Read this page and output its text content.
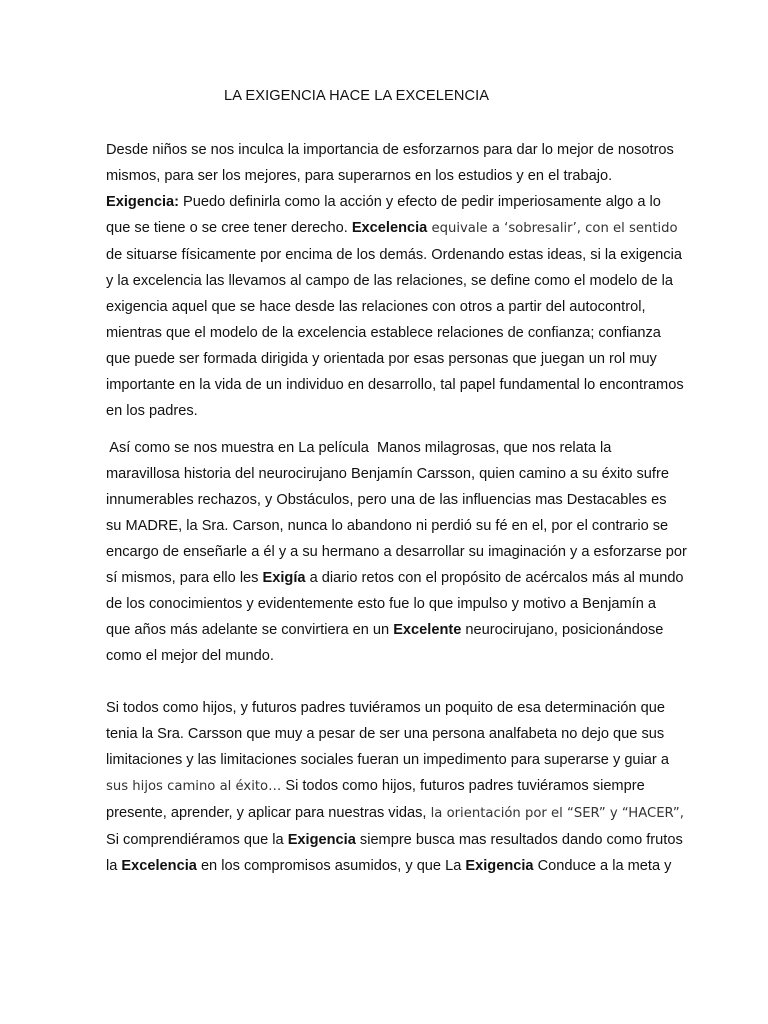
LA EXIGENCIA HACE LA EXCELENCIA

Desde niños se nos inculca la importancia de esforzarnos para dar lo mejor de nosotros
mismos, para ser los mejores, para superarnos en los estudios y en el trabajo.
Exigencia: Puedo definirla como la acción y efecto de pedir imperiosamente algo a lo
que se tiene o se cree tener derecho. Excelencia equivale a ‘sobresalir’, con el sentido
de situarse físicamente por encima de los demás. Ordenando estas ideas, si la exigencia
y la excelencia las llevamos al campo de las relaciones, se define como el modelo de la
exigencia aquel que se hace desde las relaciones con otros a partir del autocontrol,
mientras que el modelo de la excelencia establece relaciones de confianza; confianza
que puede ser formada dirigida y orientada por esas personas que juegan un rol muy
importante en la vida de un individuo en desarrollo, tal papel fundamental lo encontramos
en los padres.

Así como se nos muestra en La película  Manos milagrosas, que nos relata la
maravillosa historia del neurocirujano Benjamín Carsson, quien camino a su éxito sufre
innumerables rechazos, y Obstáculos, pero una de las influencias mas Destacables es
su MADRE, la Sra. Carson, nunca lo abandono ni perdió su fé en el, por el contrario se
encargo de enseñarle a él y a su hermano a desarrollar su imaginación y a esforzarse por
sí mismos, para ello les Exigía a diario retos con el propósito de acércalos más al mundo
de los conocimientos y evidentemente esto fue lo que impulso y motivo a Benjamín a
que años más adelante se convirtiera en un Excelente neurocirujano, posicionándose
como el mejor del mundo.

Si todos como hijos, y futuros padres tuviéramos un poquito de esa determinación que
tenia la Sra. Carsson que muy a pesar de ser una persona analfabeta no dejo que sus
limitaciones y las limitaciones sociales fueran un impedimento para superarse y guiar a
sus hijos camino al éxito… Si todos como hijos, futuros padres tuviéramos siempre
presente, aprender, y aplicar para nuestras vidas, la orientación por el “SER” y “HACER”,
Si comprendiéramos que la Exigencia siempre busca mas resultados dando como frutos
la Excelencia en los compromisos asumidos, y que La Exigencia Conduce a la meta y
